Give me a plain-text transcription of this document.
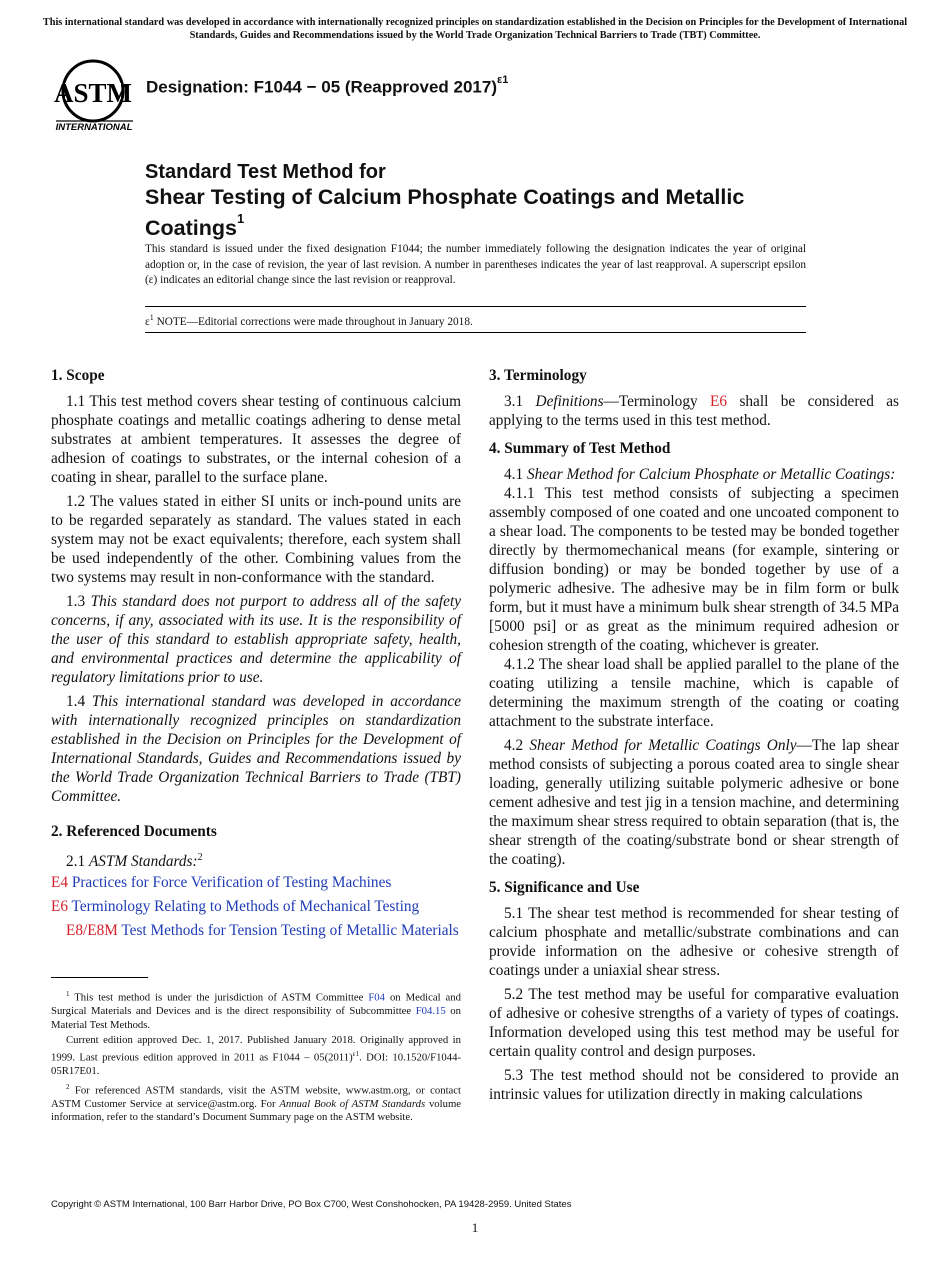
This international standard was developed in accordance with internationally recognized principles on standardization established in the Decision on Principles for the Development of International Standards, Guides and Recommendations issued by the World Trade Organization Technical Barriers to Trade (TBT) Committee.
ASTM
INTERNATIONAL
Designation: F1044 − 05 (Reapproved 2017)$^{\varepsilon 1}$
Standard Test Method for
Shear Testing of Calcium Phosphate Coatings and Metallic Coatings$^1$
This standard is issued under the fixed designation F1044; the number immediately following the designation indicates the year of original adoption or, in the case of revision, the year of last revision. A number in parentheses indicates the year of last reapproval. A superscript epsilon (ε) indicates an editorial change since the last revision or reapproval.
$\varepsilon^1$ NOTE—Editorial corrections were made throughout in January 2018.
1. Scope

1.1 This test method covers shear testing of continuous calcium phosphate coatings and metallic coatings adhering to dense metal substrates at ambient temperatures. It assesses the degree of adhesion of coatings to substrates, or the internal cohesion of a coating in shear, parallel to the surface plane.

1.2 The values stated in either SI units or inch-pound units are to be regarded separately as standard. The values stated in each system may not be exact equivalents; therefore, each system shall be used independently of the other. Combining values from the two systems may result in non-conformance with the standard.

1.3 This standard does not purport to address all of the safety concerns, if any, associated with its use. It is the responsibility of the user of this standard to establish appropriate safety, health, and environmental practices and determine the applicability of regulatory limitations prior to use.

1.4 This international standard was developed in accordance with internationally recognized principles on standardization established in the Decision on Principles for the Development of International Standards, Guides and Recommendations issued by the World Trade Organization Technical Barriers to Trade (TBT) Committee.

2. Referenced Documents

2.1 ASTM Standards:$^2$

E4 Practices for Force Verification of Testing Machines

E6 Terminology Relating to Methods of Mechanical Testing

E8/E8M Test Methods for Tension Testing of Metallic Materials

$^1$ This test method is under the jurisdiction of ASTM Committee F04 on Medical and Surgical Materials and Devices and is the direct responsibility of Subcommittee F04.15 on Material Test Methods.

Current edition approved Dec. 1, 2017. Published January 2018. Originally approved in 1999. Last previous edition approved in 2011 as $F1044 - 05(2011)^{\varepsilon 1}$. DOI: 10.1520/F1044-05R17E01.

$^2$ For referenced ASTM standards, visit the ASTM website, www.astm.org, or contact ASTM Customer Service at service@astm.org. For Annual Book of ASTM Standards volume information, refer to the standard’s Document Summary page on the ASTM website.

3. Terminology

3.1 Definitions—Terminology E6 shall be considered as applying to the terms used in this test method.

4. Summary of Test Method

4.1 Shear Method for Calcium Phosphate or Metallic Coatings:

4.1.1 This test method consists of subjecting a specimen assembly composed of one coated and one uncoated component to a shear load. The components to be tested may be bonded together directly by thermomechanical means (for example, sintering or diffusion bonding) or may be bonded together by use of a polymeric adhesive. The adhesive may be in film form or bulk form, but it must have a minimum bulk shear strength of 34.5 MPa [5000 psi] or as great as the minimum required adhesion or cohesion strength of the coating, whichever is greater.

4.1.2 The shear load shall be applied parallel to the plane of the coating utilizing a tensile machine, which is capable of determining the maximum strength of the coating or coating attachment to the substrate interface.

4.2 Shear Method for Metallic Coatings Only—The lap shear method consists of subjecting a porous coated area to single shear loading, generally utilizing suitable polymeric adhesive or bone cement adhesive and test jig in a tension machine, and determining the maximum shear stress required to obtain separation (that is, the shear strength of the coating/substrate bond or shear strength of the coating).

5. Significance and Use

5.1 The shear test method is recommended for shear testing of calcium phosphate and metallic/substrate combinations and can provide information on the adhesive or cohesive strength of coatings under a uniaxial shear stress.

5.2 The test method may be useful for comparative evaluation of adhesive or cohesive strengths of a variety of types of coatings. Information developed using this test method may be useful for certain quality control and design purposes.

5.3 The test method should not be considered to provide an intrinsic values for utilization directly in making calculations

Copyright © ASTM International, 100 Barr Harbor Drive, PO Box C700, West Conshohocken, PA 19428-2959. United States
1
